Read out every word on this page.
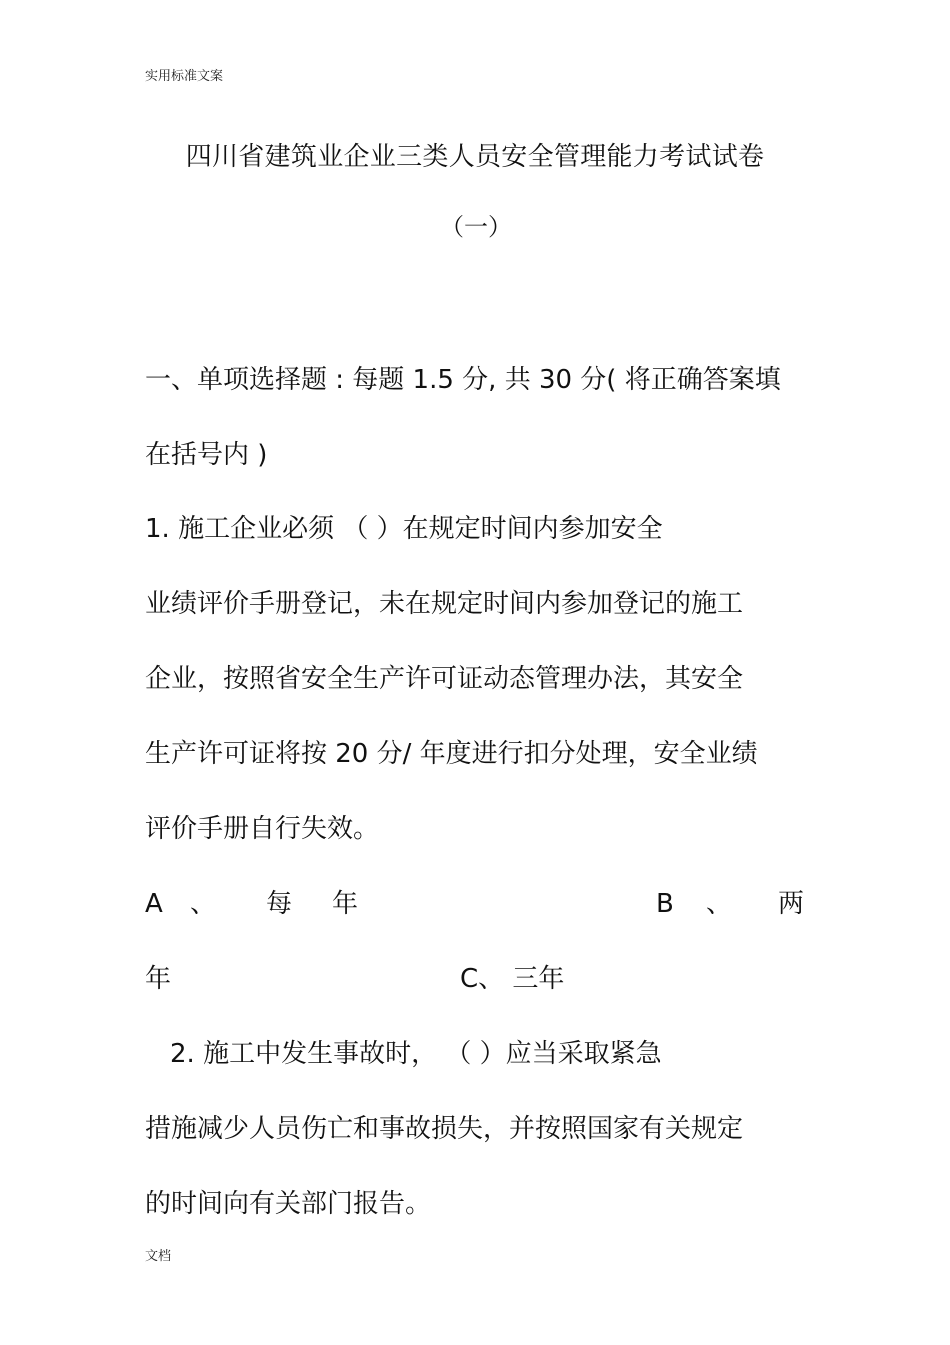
实用标准文案
四川省建筑业企业三类人员安全管理能力考试试卷
（一）
一、单项选择题 : 每题 1.5 分, 共 30 分( 将正确答案填
在括号内 )
1. 施工企业必须 （ ）在规定时间内参加安全
业绩评价手册登记，未在规定时间内参加登记的施工
企业，按照省安全生产许可证动态管理办法，其安全
生产许可证将按 20 分/ 年度进行扣分处理，安全业绩
评价手册自行失效。
A 、 每 年	B 、 两
年	C、 三年
2. 施工中发生事故时， （ ）应当采取紧急
措施减少人员伤亡和事故损失，并按照国家有关规定
的时间向有关部门报告。
文档
